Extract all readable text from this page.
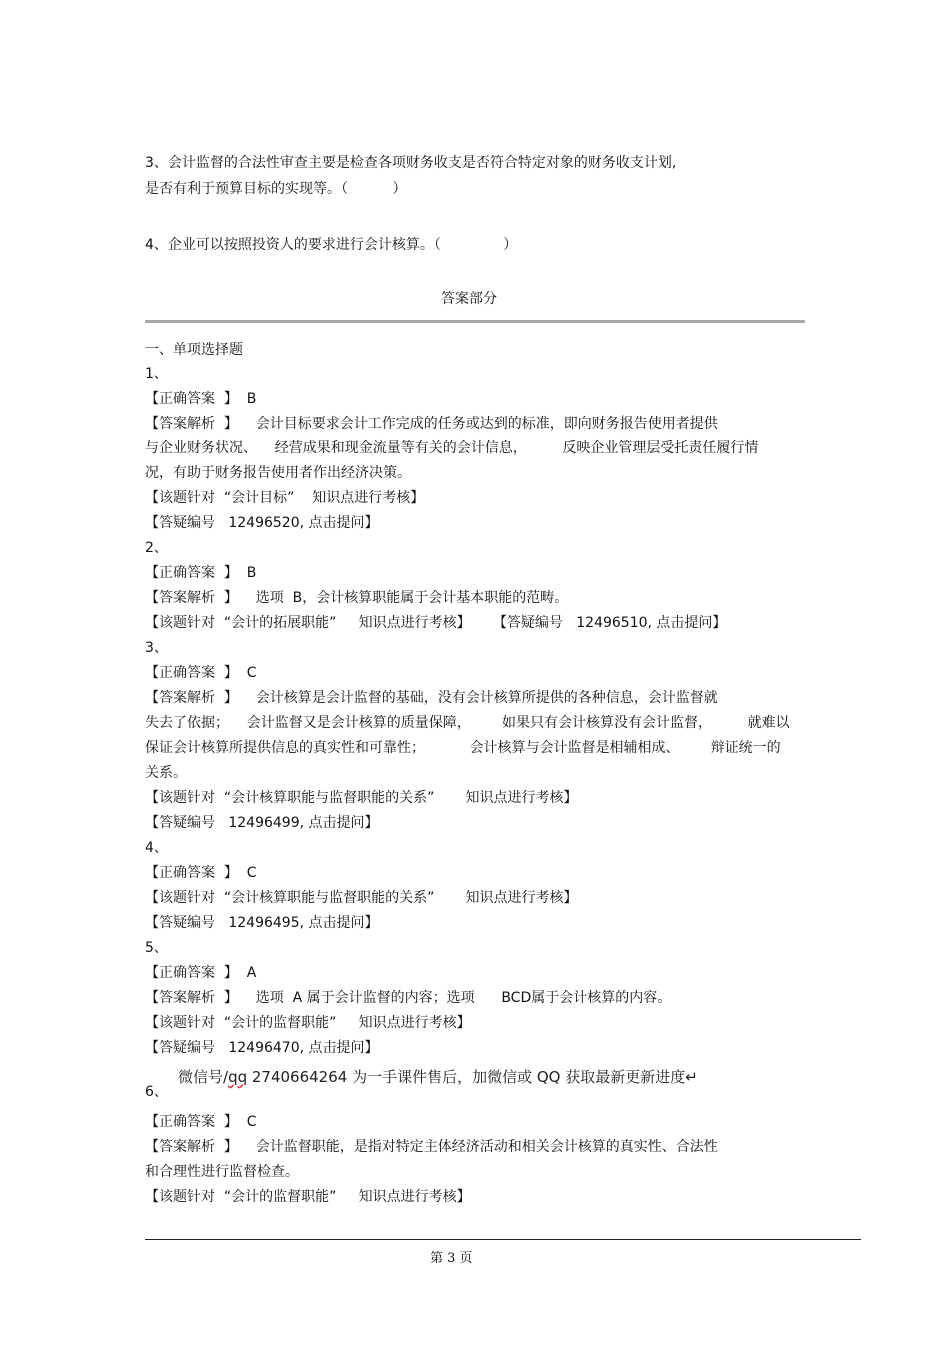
3、会计监督的合法性审查主要是检查各项财务收支是否符合特定对象的财务收支计划,
是否有利于预算目标的实现等。（          ）
4、企业可以按照投资人的要求进行会计核算。（              ）
答案部分
一、单项选择题
1、
【正确答案  】  B
【答案解析  】    会计目标要求会计工作完成的任务或达到的标准，即向财务报告使用者提供
与企业财务状况、    经营成果和现金流量等有关的会计信息，        反映企业管理层受托责任履行情
况，有助于财务报告使用者作出经济决策。
【该题针对  “会计目标”    知识点进行考核】
【答疑编号   12496520, 点击提问】
2、
【正确答案  】  B
【答案解析  】    选项  B，会计核算职能属于会计基本职能的范畴。
【该题针对  “会计的拓展职能”     知识点进行考核】     【答疑编号   12496510, 点击提问】
3、
【正确答案  】  C
【答案解析  】    会计核算是会计监督的基础，没有会计核算所提供的各种信息，会计监督就
失去了依据；    会计监督又是会计核算的质量保障，       如果只有会计核算没有会计监督，        就难以
保证会计核算所提供信息的真实性和可靠性；          会计核算与会计监督是相辅相成、       辩证统一的
关系。
【该题针对  “会计核算职能与监督职能的关系”       知识点进行考核】
【答疑编号   12496499, 点击提问】
4、
【正确答案  】  C
【该题针对  “会计核算职能与监督职能的关系”       知识点进行考核】
【答疑编号   12496495, 点击提问】
5、
【正确答案  】  A
【答案解析  】    选项  A 属于会计监督的内容；选项      BCD属于会计核算的内容。
【该题针对  “会计的监督职能”     知识点进行考核】
【答疑编号   12496470, 点击提问】
微信号/qq 2740664264 为一手课件售后，加微信或 QQ 获取最新更新进度↵
6、
【正确答案  】  C
【答案解析  】    会计监督职能，是指对特定主体经济活动和相关会计核算的真实性、合法性
和合理性进行监督检查。
【该题针对  “会计的监督职能”     知识点进行考核】
第 3 页
